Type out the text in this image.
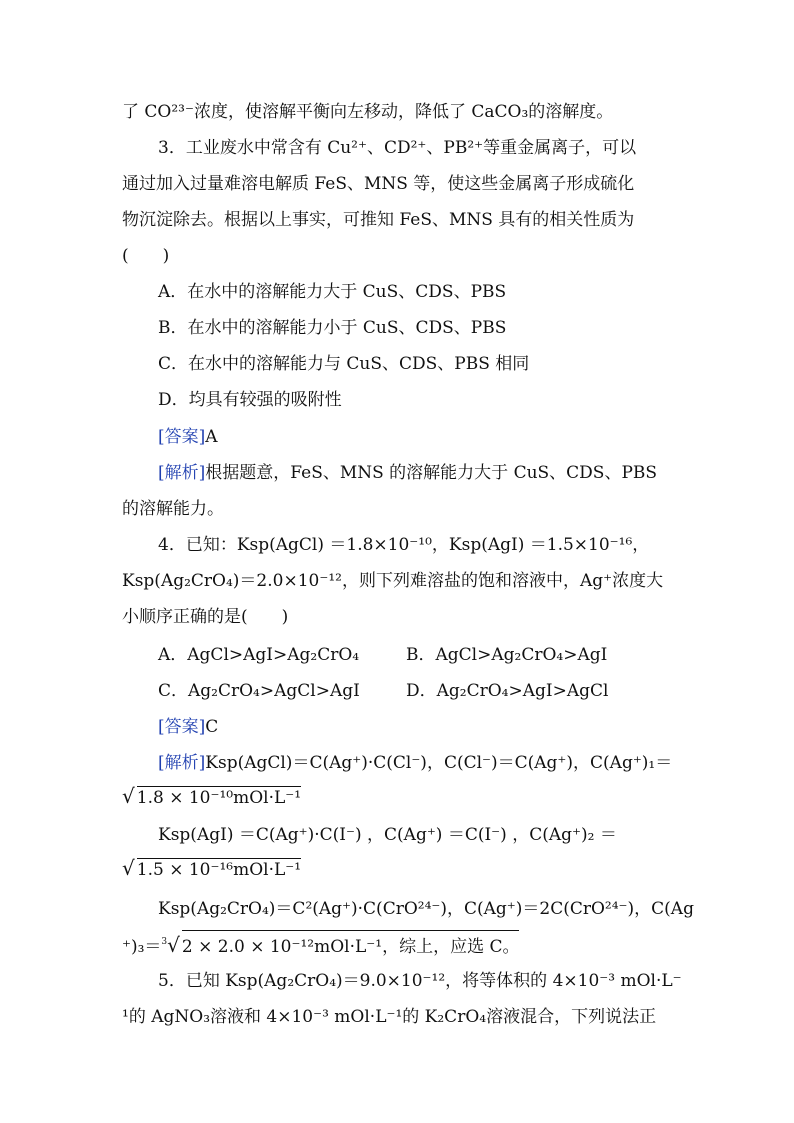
了 CO²³⁻浓度，使溶解平衡向左移动，降低了 CaCO₃的溶解度。
3．工业废水中常含有 Cu²⁺、CD²⁺、PB²⁺等重金属离子，可以
通过加入过量难溶电解质 FeS、MNS 等，使这些金属离子形成硫化
物沉淀除去。根据以上事实，可推知 FeS、MNS 具有的相关性质为
(　　)
A．在水中的溶解能力大于 CuS、CDS、PBS
B．在水中的溶解能力小于 CuS、CDS、PBS
C．在水中的溶解能力与 CuS、CDS、PBS 相同
D．均具有较强的吸附性
[答案]A
[解析]根据题意，FeS、MNS 的溶解能力大于 CuS、CDS、PBS
的溶解能力。
4．已知：Ksp(AgCl) ＝1.8×10⁻¹⁰，Ksp(AgI) ＝1.5×10⁻¹⁶，
Ksp(Ag₂CrO₄)＝2.0×10⁻¹²，则下列难溶盐的饱和溶液中，Ag⁺浓度大
小顺序正确的是(　　)
A．AgCl>AgI>Ag₂CrO₄	B．AgCl>Ag₂CrO₄>AgI
C．Ag₂CrO₄>AgCl>AgI	D．Ag₂CrO₄>AgI>AgCl
[答案]C
[解析]Ksp(AgCl)＝C(Ag⁺)·C(Cl⁻)，C(Cl⁻)＝C(Ag⁺)，C(Ag⁺)₁＝
√ 1.8 × 10⁻¹⁰mOl·L⁻¹
Ksp(AgI) ＝C(Ag⁺)·C(I⁻) ，C(Ag⁺) ＝C(I⁻) ，C(Ag⁺)₂ ＝
√ 1.5 × 10⁻¹⁶mOl·L⁻¹
Ksp(Ag₂CrO₄)＝C²(Ag⁺)·C(CrO²⁴⁻)，C(Ag⁺)＝2C(CrO²⁴⁻)，C(Ag
⁺)₃＝$^3$√ 2 × 2.0 × 10⁻¹²mOl·L⁻¹，综上，应选 C。
5．已知 Ksp(Ag₂CrO₄)＝9.0×10⁻¹²，将等体积的 4×10⁻³ mOl·L⁻
¹的 AgNO₃溶液和 4×10⁻³ mOl·L⁻¹的 K₂CrO₄溶液混合，下列说法正
